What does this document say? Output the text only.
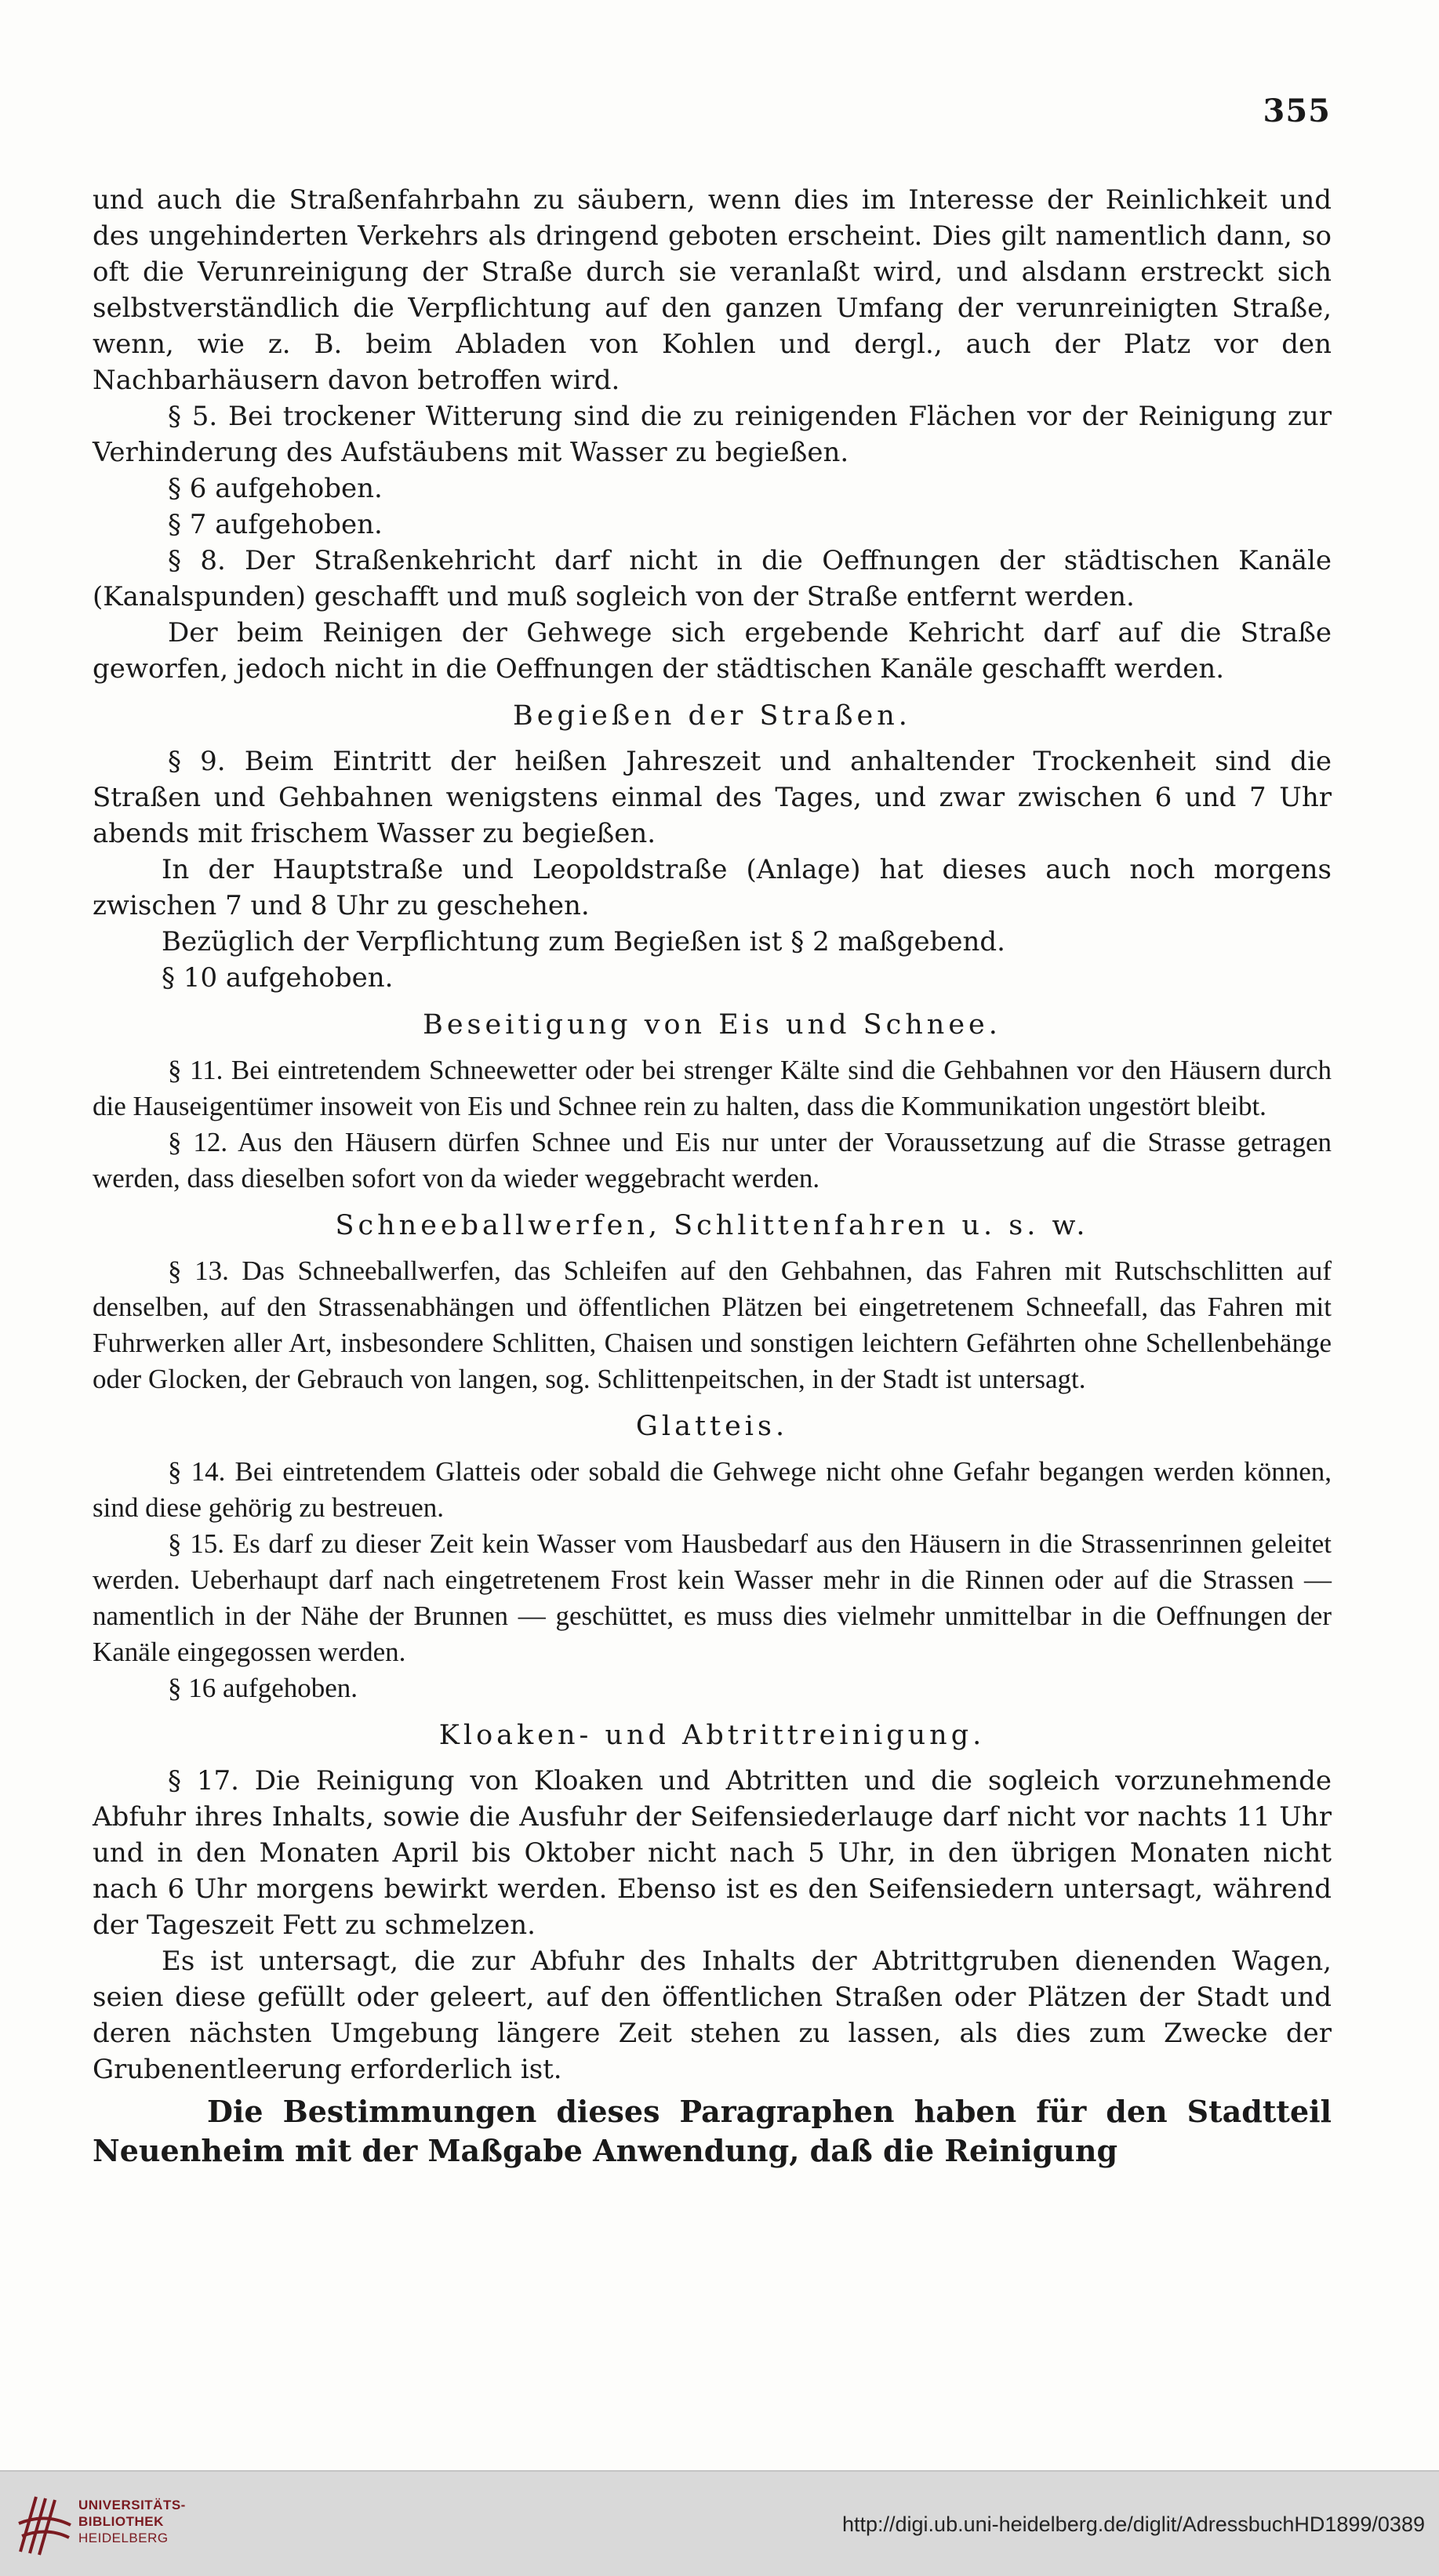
355

und auch die Straßenfahrbahn zu säubern, wenn dies im Interesse der Reinlichkeit und des ungehinderten Verkehrs als dringend geboten erscheint. Dies gilt namentlich dann, so oft die Verunreinigung der Straße durch sie veranlaßt wird, und alsdann erstreckt sich selbstverständlich die Verpflichtung auf den ganzen Umfang der verunreinigten Straße, wenn, wie z. B. beim Abladen von Kohlen und dergl., auch der Platz vor den Nachbarhäusern davon betroffen wird.

§ 5. Bei trockener Witterung sind die zu reinigenden Flächen vor der Reinigung zur Verhinderung des Aufstäubens mit Wasser zu begießen.

§ 6 aufgehoben.

§ 7 aufgehoben.

§ 8. Der Straßenkehricht darf nicht in die Oeffnungen der städtischen Kanäle (Kanalspunden) geschafft und muß sogleich von der Straße entfernt werden.

Der beim Reinigen der Gehwege sich ergebende Kehricht darf auf die Straße geworfen, jedoch nicht in die Oeffnungen der städtischen Kanäle geschafft werden.

Begießen der Straßen.

§ 9. Beim Eintritt der heißen Jahreszeit und anhaltender Trockenheit sind die Straßen und Gehbahnen wenigstens einmal des Tages, und zwar zwischen 6 und 7 Uhr abends mit frischem Wasser zu begießen.

In der Hauptstraße und Leopoldstraße (Anlage) hat dieses auch noch morgens zwischen 7 und 8 Uhr zu geschehen.

Bezüglich der Verpflichtung zum Begießen ist § 2 maßgebend.

§ 10 aufgehoben.

Beseitigung von Eis und Schnee.

§ 11. Bei eintretendem Schneewetter oder bei strenger Kälte sind die Gehbahnen vor den Häusern durch die Hauseigentümer insoweit von Eis und Schnee rein zu halten, dass die Kommunikation ungestört bleibt.

§ 12. Aus den Häusern dürfen Schnee und Eis nur unter der Voraussetzung auf die Strasse getragen werden, dass dieselben sofort von da wieder weggebracht werden.

Schneeballwerfen, Schlittenfahren u. s. w.

§ 13. Das Schneeballwerfen, das Schleifen auf den Gehbahnen, das Fahren mit Rutschschlitten auf denselben, auf den Strassenabhängen und öffentlichen Plätzen bei eingetretenem Schneefall, das Fahren mit Fuhrwerken aller Art, insbesondere Schlitten, Chaisen und sonstigen leichtern Gefährten ohne Schellenbehänge oder Glocken, der Gebrauch von langen, sog. Schlittenpeitschen, in der Stadt ist untersagt.

Glatteis.

§ 14. Bei eintretendem Glatteis oder sobald die Gehwege nicht ohne Gefahr begangen werden können, sind diese gehörig zu bestreuen.

§ 15. Es darf zu dieser Zeit kein Wasser vom Hausbedarf aus den Häusern in die Strassenrinnen geleitet werden. Ueberhaupt darf nach eingetretenem Frost kein Wasser mehr in die Rinnen oder auf die Strassen — namentlich in der Nähe der Brunnen — geschüttet, es muss dies vielmehr unmittelbar in die Oeffnungen der Kanäle eingegossen werden.

§ 16 aufgehoben.

Kloaken- und Abtrittreinigung.

§ 17. Die Reinigung von Kloaken und Abtritten und die sogleich vorzunehmende Abfuhr ihres Inhalts, sowie die Ausfuhr der Seifensiederlauge darf nicht vor nachts 11 Uhr und in den Monaten April bis Oktober nicht nach 5 Uhr, in den übrigen Monaten nicht nach 6 Uhr morgens bewirkt werden. Ebenso ist es den Seifensiedern untersagt, während der Tageszeit Fett zu schmelzen.

Es ist untersagt, die zur Abfuhr des Inhalts der Abtrittgruben dienenden Wagen, seien diese gefüllt oder geleert, auf den öffentlichen Straßen oder Plätzen der Stadt und deren nächsten Umgebung längere Zeit stehen zu lassen, als dies zum Zwecke der Grubenentleerung erforderlich ist.

Die Bestimmungen dieses Paragraphen haben für den Stadtteil Neuenheim mit der Maßgabe Anwendung, daß die Reinigung

UNIVERSITÄTS-
BIBLIOTHEK
HEIDELBERG
http://digi.ub.uni-heidelberg.de/diglit/AdressbuchHD1899/0389
